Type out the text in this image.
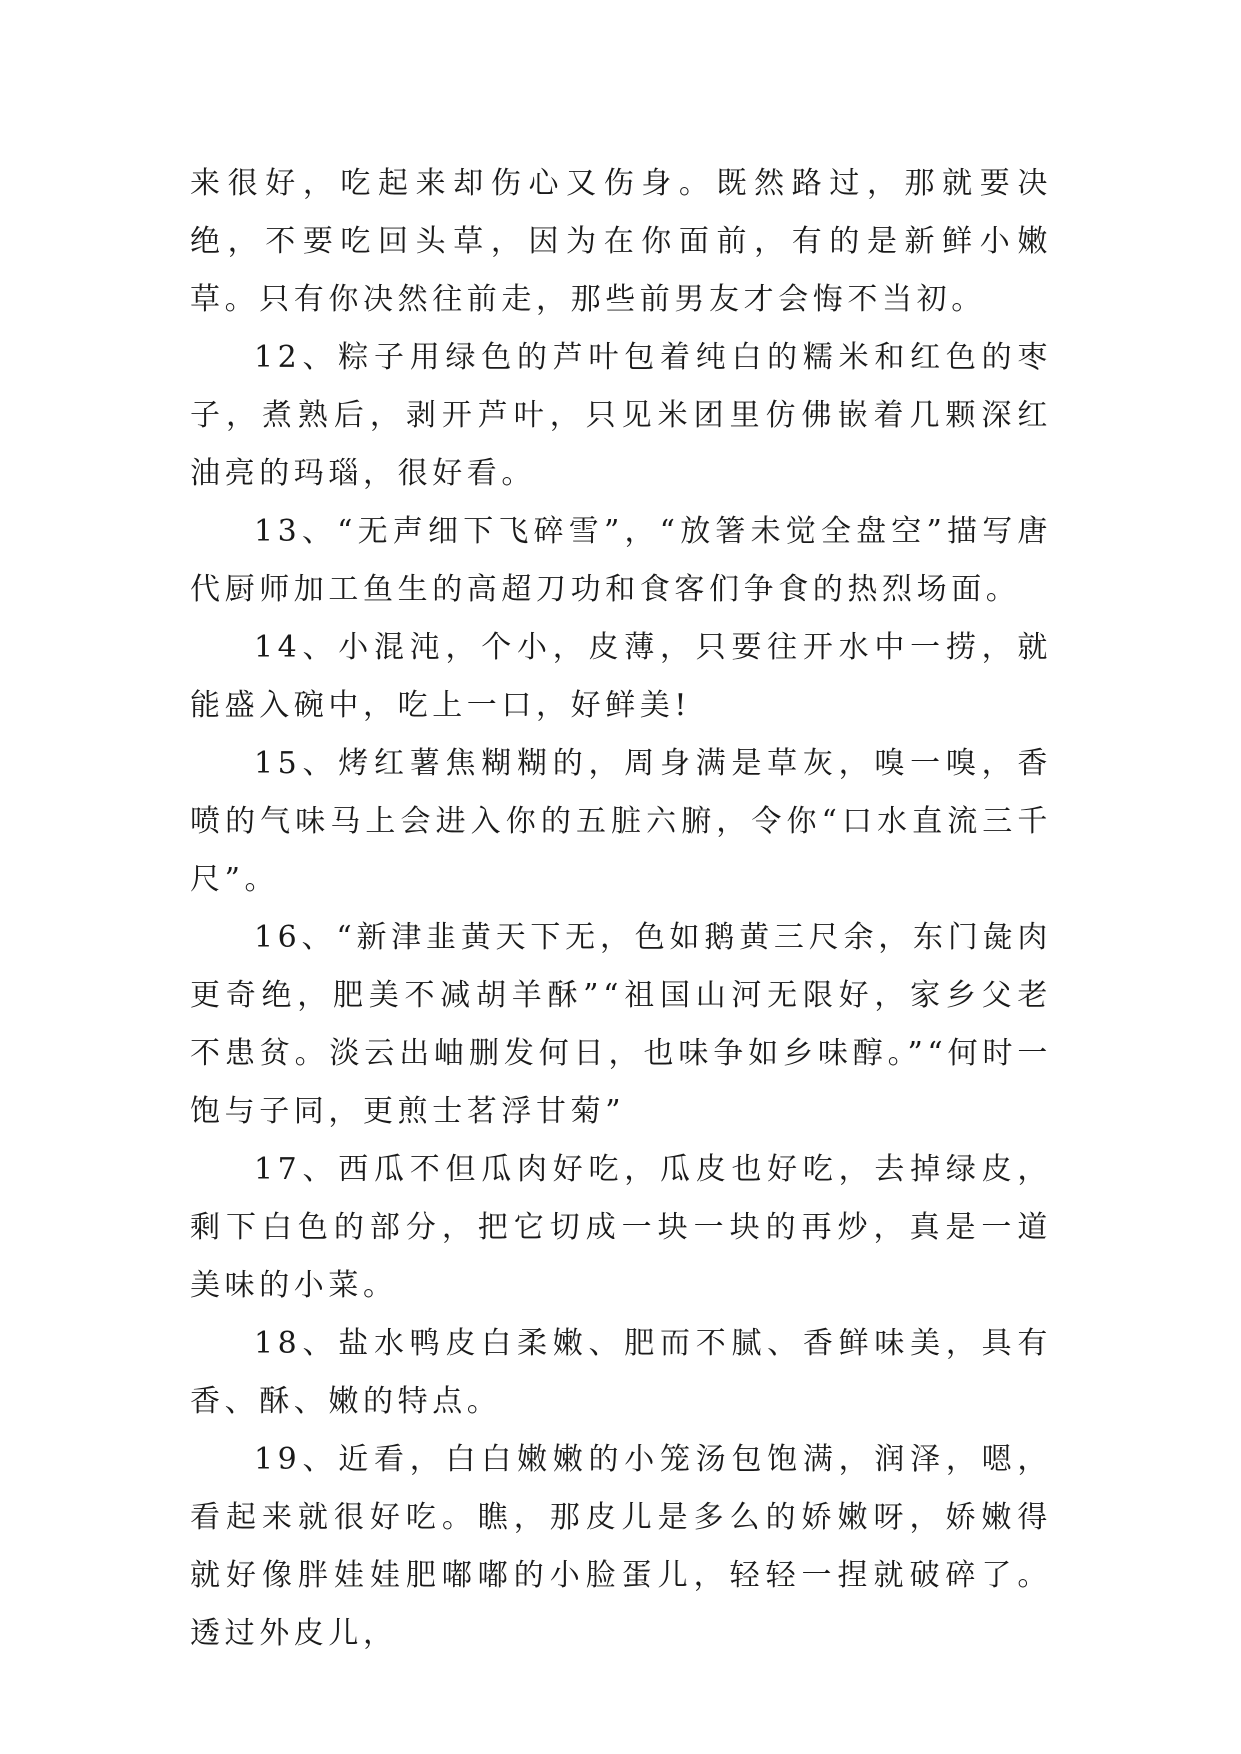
来很好，吃起来却伤心又伤身。既然路过，那就要决绝，不要吃回头草，因为在你面前，有的是新鲜小嫩草。只有你决然往前走，那些前男友才会悔不当初。

12、粽子用绿色的芦叶包着纯白的糯米和红色的枣子，煮熟后，剥开芦叶，只见米团里仿佛嵌着几颗深红油亮的玛瑙，很好看。

13、“无声细下飞碎雪”，“放箸未觉全盘空”描写唐代厨师加工鱼生的高超刀功和食客们争食的热烈场面。

14、小混沌，个小，皮薄，只要往开水中一捞，就能盛入碗中，吃上一口，好鲜美!

15、烤红薯焦糊糊的，周身满是草灰，嗅一嗅，香喷的气味马上会进入你的五脏六腑，令你“口水直流三千尺”。

16、“新津韭黄天下无，色如鹅黄三尺余，东门彘肉更奇绝，肥美不减胡羊酥”“祖国山河无限好，家乡父老不患贫。淡云出岫删发何日，也味争如乡味醇。”“何时一饱与子同，更煎士茗浮甘菊”

17、西瓜不但瓜肉好吃，瓜皮也好吃，去掉绿皮，剩下白色的部分，把它切成一块一块的再炒，真是一道美味的小菜。

18、盐水鸭皮白柔嫩、肥而不腻、香鲜味美，具有香、酥、嫩的特点。

19、近看，白白嫩嫩的小笼汤包饱满，润泽，嗯，看起来就很好吃。瞧，那皮儿是多么的娇嫩呀，娇嫩得就好像胖娃娃肥嘟嘟的小脸蛋儿，轻轻一捏就破碎了。透过外皮儿，
